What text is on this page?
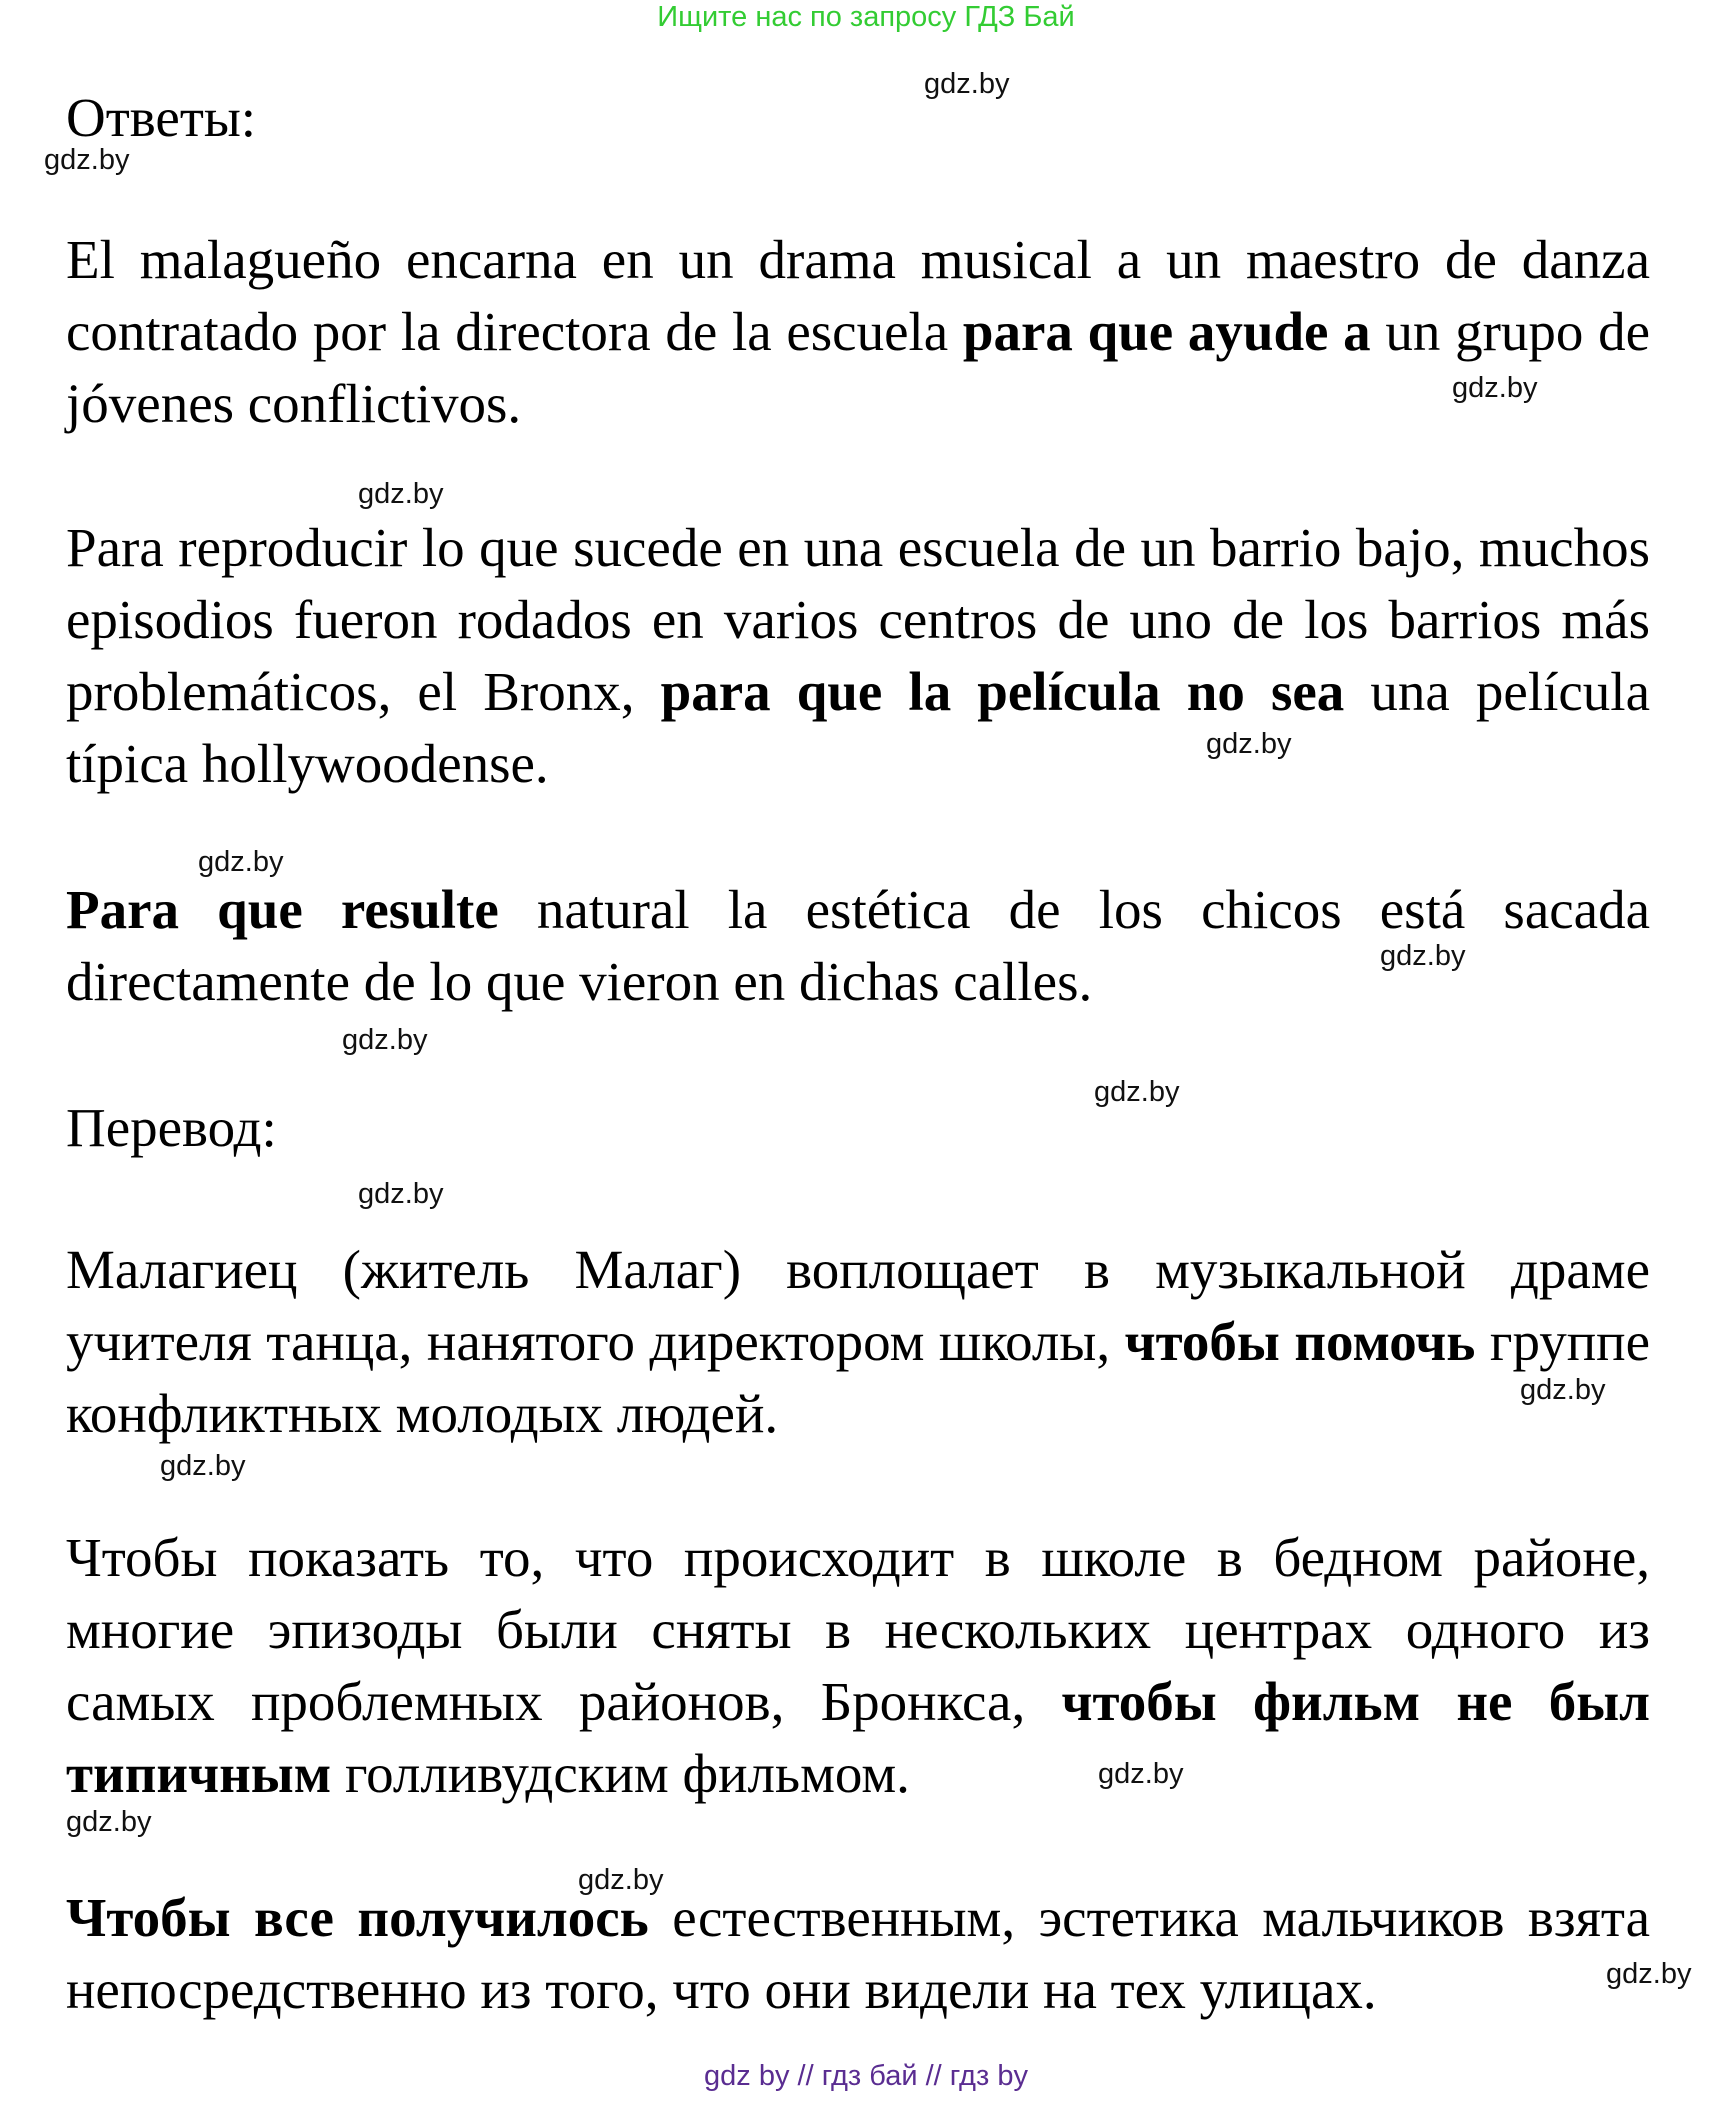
Ищите нас по запросу ГДЗ Бай
Ответы:

El malagueño encarna en un drama musical a un maestro de danza contratado por la directora de la escuela para que ayude a un grupo de jóvenes conflictivos.

Para reproducir lo que sucede en una escuela de un barrio bajo, muchos episodios fueron rodados en varios centros de uno de los barrios más problemáticos, el Bronx, para que la película no sea una película típica hollywoodense.

Para que resulte natural la estética de los chicos está sacada directamente de lo que vieron en dichas calles.

Перевод:

Малагиец (житель Малаг) воплощает в музыкальной драме учителя танца, нанятого директором школы, чтобы помочь группе конфликтных молодых людей.

Чтобы показать то, что происходит в школе в бедном районе, многие эпизоды были сняты в нескольких центрах одного из самых проблемных районов, Бронкса, чтобы фильм не был типичным голливудским фильмом.

Чтобы все получилось естественным, эстетика мальчиков взята непосредственно из того, что они видели на тех улицах.

gdz.by
gdz.by
gdz.by
gdz.by
gdz.by
gdz.by
gdz.by
gdz.by
gdz.by
gdz.by
gdz.by
gdz.by
gdz.by
gdz.by
gdz.by
gdz.by
gdz by // гдз бай // гдз by
